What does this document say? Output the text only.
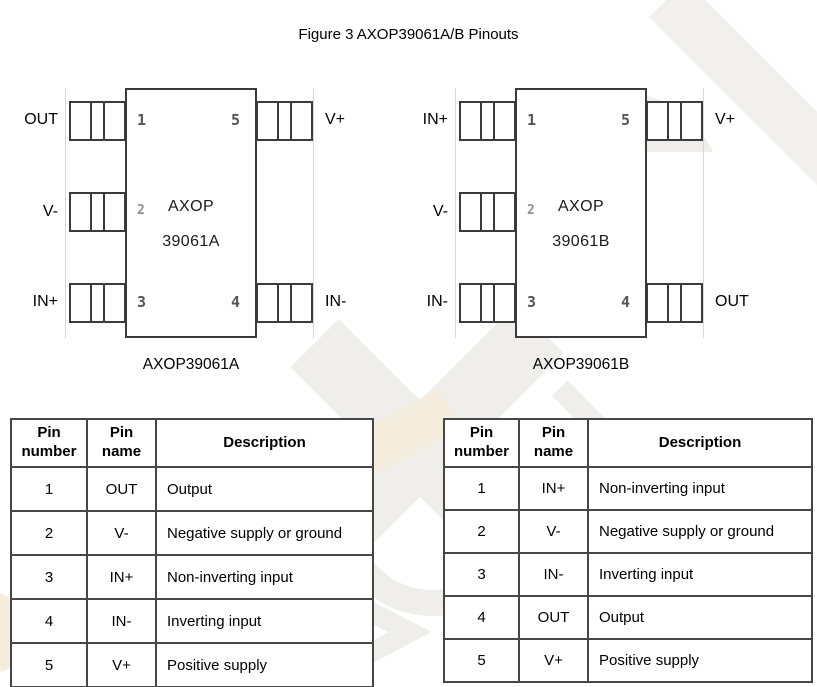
Figure 3 AXOP39061A/B Pinouts
1	5
2
3	4
AXOP
39061A
OUT
V-
IN+
V+
IN-
AXOP39061A
1	5
2
3	4
AXOP
39061B
IN+
V-
IN-
V+
OUT
AXOP39061B
Pin number	Pin name	Description
1	OUT	Output
2	V-	Negative supply or ground
3	IN+	Non-inverting input
4	IN-	Inverting input
5	V+	Positive supply
Pin number	Pin name	Description
1	IN+	Non-inverting input
2	V-	Negative supply or ground
3	IN-	Inverting input
4	OUT	Output
5	V+	Positive supply
